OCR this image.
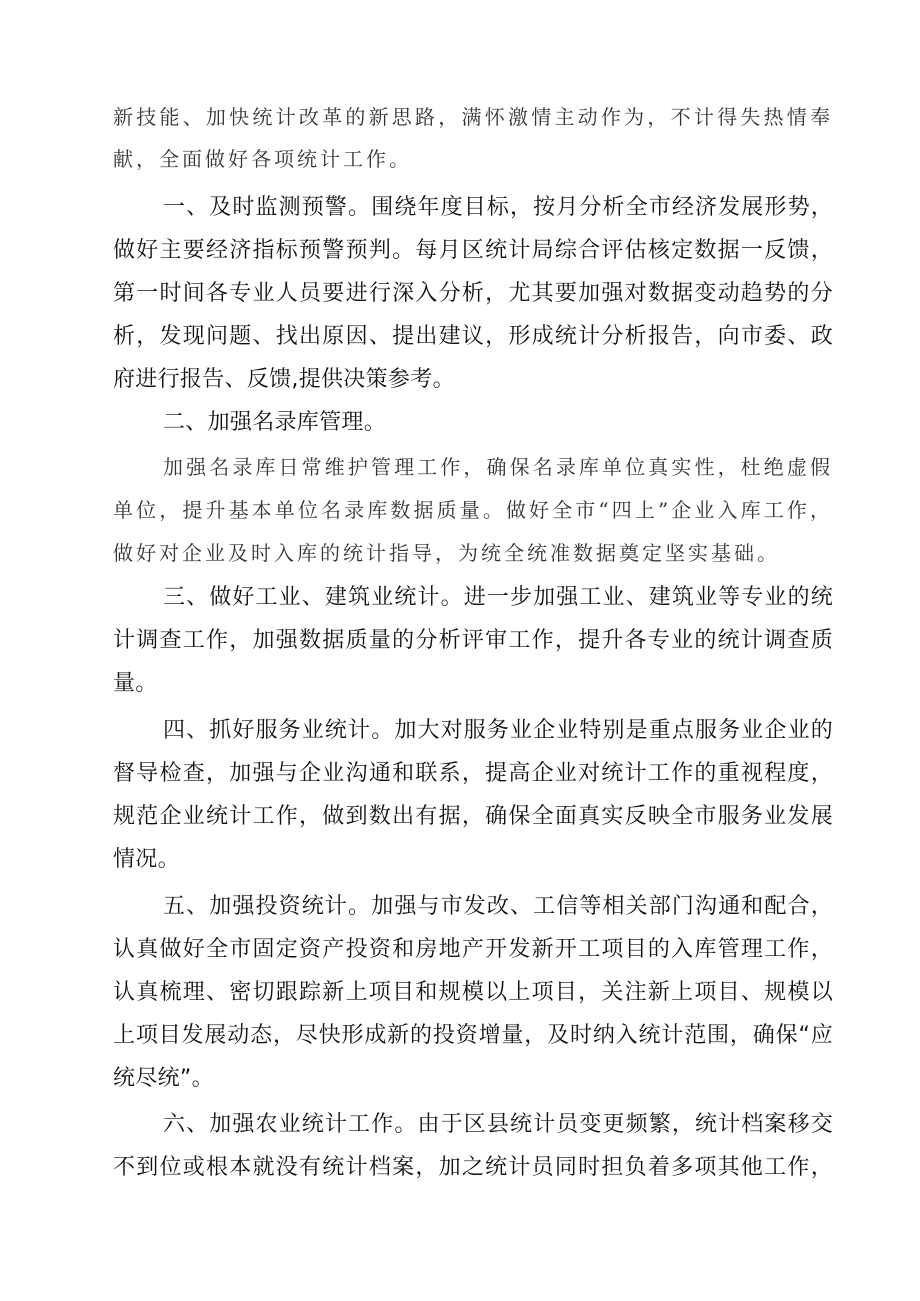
新技能、加快统计改革的新思路，满怀激情主动作为，不计得失热情奉
献，全面做好各项统计工作。
一、及时监测预警。围绕年度目标，按月分析全市经济发展形势，
做好主要经济指标预警预判。每月区统计局综合评估核定数据一反馈，
第一时间各专业人员要进行深入分析，尤其要加强对数据变动趋势的分
析，发现问题、找出原因、提出建议，形成统计分析报告，向市委、政
府进行报告、反馈,提供决策参考。
二、加强名录库管理。
加强名录库日常维护管理工作，确保名录库单位真实性，杜绝虚假
单位，提升基本单位名录库数据质量。做好全市“四上”企业入库工作，
做好对企业及时入库的统计指导，为统全统准数据奠定坚实基础。
三、做好工业、建筑业统计。进一步加强工业、建筑业等专业的统
计调查工作，加强数据质量的分析评审工作，提升各专业的统计调查质
量。
四、抓好服务业统计。加大对服务业企业特别是重点服务业企业的
督导检查，加强与企业沟通和联系，提高企业对统计工作的重视程度，
规范企业统计工作，做到数出有据，确保全面真实反映全市服务业发展
情况。
五、加强投资统计。加强与市发改、工信等相关部门沟通和配合，
认真做好全市固定资产投资和房地产开发新开工项目的入库管理工作，
认真梳理、密切跟踪新上项目和规模以上项目，关注新上项目、规模以
上项目发展动态，尽快形成新的投资增量，及时纳入统计范围，确保“应
统尽统”。
六、加强农业统计工作。由于区县统计员变更频繁，统计档案移交
不到位或根本就没有统计档案，加之统计员同时担负着多项其他工作，
